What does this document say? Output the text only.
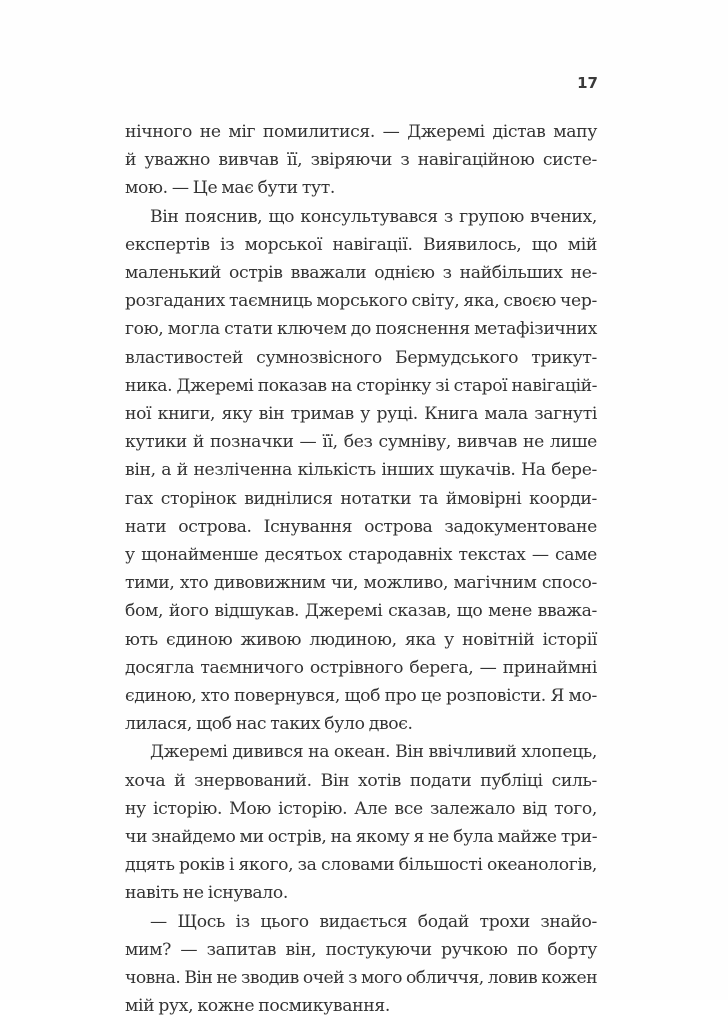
17
нічного не міг помилитися. — Джеремі дістав мапу
й уважно вивчав її, звіряючи з навігаційною систе-
мою. — Це має бути тут.
Він пояснив, що консультувався з групою вчених,
експертів із морської навігації. Виявилось, що мій
маленький острів вважали однією з найбільших не-
розгаданих таємниць морського світу, яка, своєю чер-
гою, могла стати ключем до пояснення метафізичних
властивостей сумнозвісного Бермудського трикут-
ника. Джеремі показав на сторінку зі старої навігацій-
ної книги, яку він тримав у руці. Книга мала загнуті
кутики й позначки — її, без сумніву, вивчав не лише
він, а й незліченна кількість інших шукачів. На бере-
гах сторінок виднілися нотатки та ймовірні коорди-
нати острова. Існування острова задокументоване
у щонайменше десятьох стародавніх текстах — саме
тими, хто дивовижним чи, можливо, магічним спосо-
бом, його відшукав. Джеремі сказав, що мене вважа-
ють єдиною живою людиною, яка у новітній історії
досягла таємничого острівного берега, — принаймні
єдиною, хто повернувся, щоб про це розповісти. Я мо-
лилася, щоб нас таких було двоє.
Джеремі дивився на океан. Він ввічливий хлопець,
хоча й знервований. Він хотів подати публіці силь-
ну історію. Мою історію. Але все залежало від того,
чи знайдемо ми острів, на якому я не була майже три-
дцять років і якого, за словами більшості океанологів,
навіть не існувало.
— Щось із цього видається бодай трохи знайо-
мим? — запитав він, постукуючи ручкою по борту
човна. Він не зводив очей з мого обличчя, ловив кожен
мій рух, кожне посмикування.
